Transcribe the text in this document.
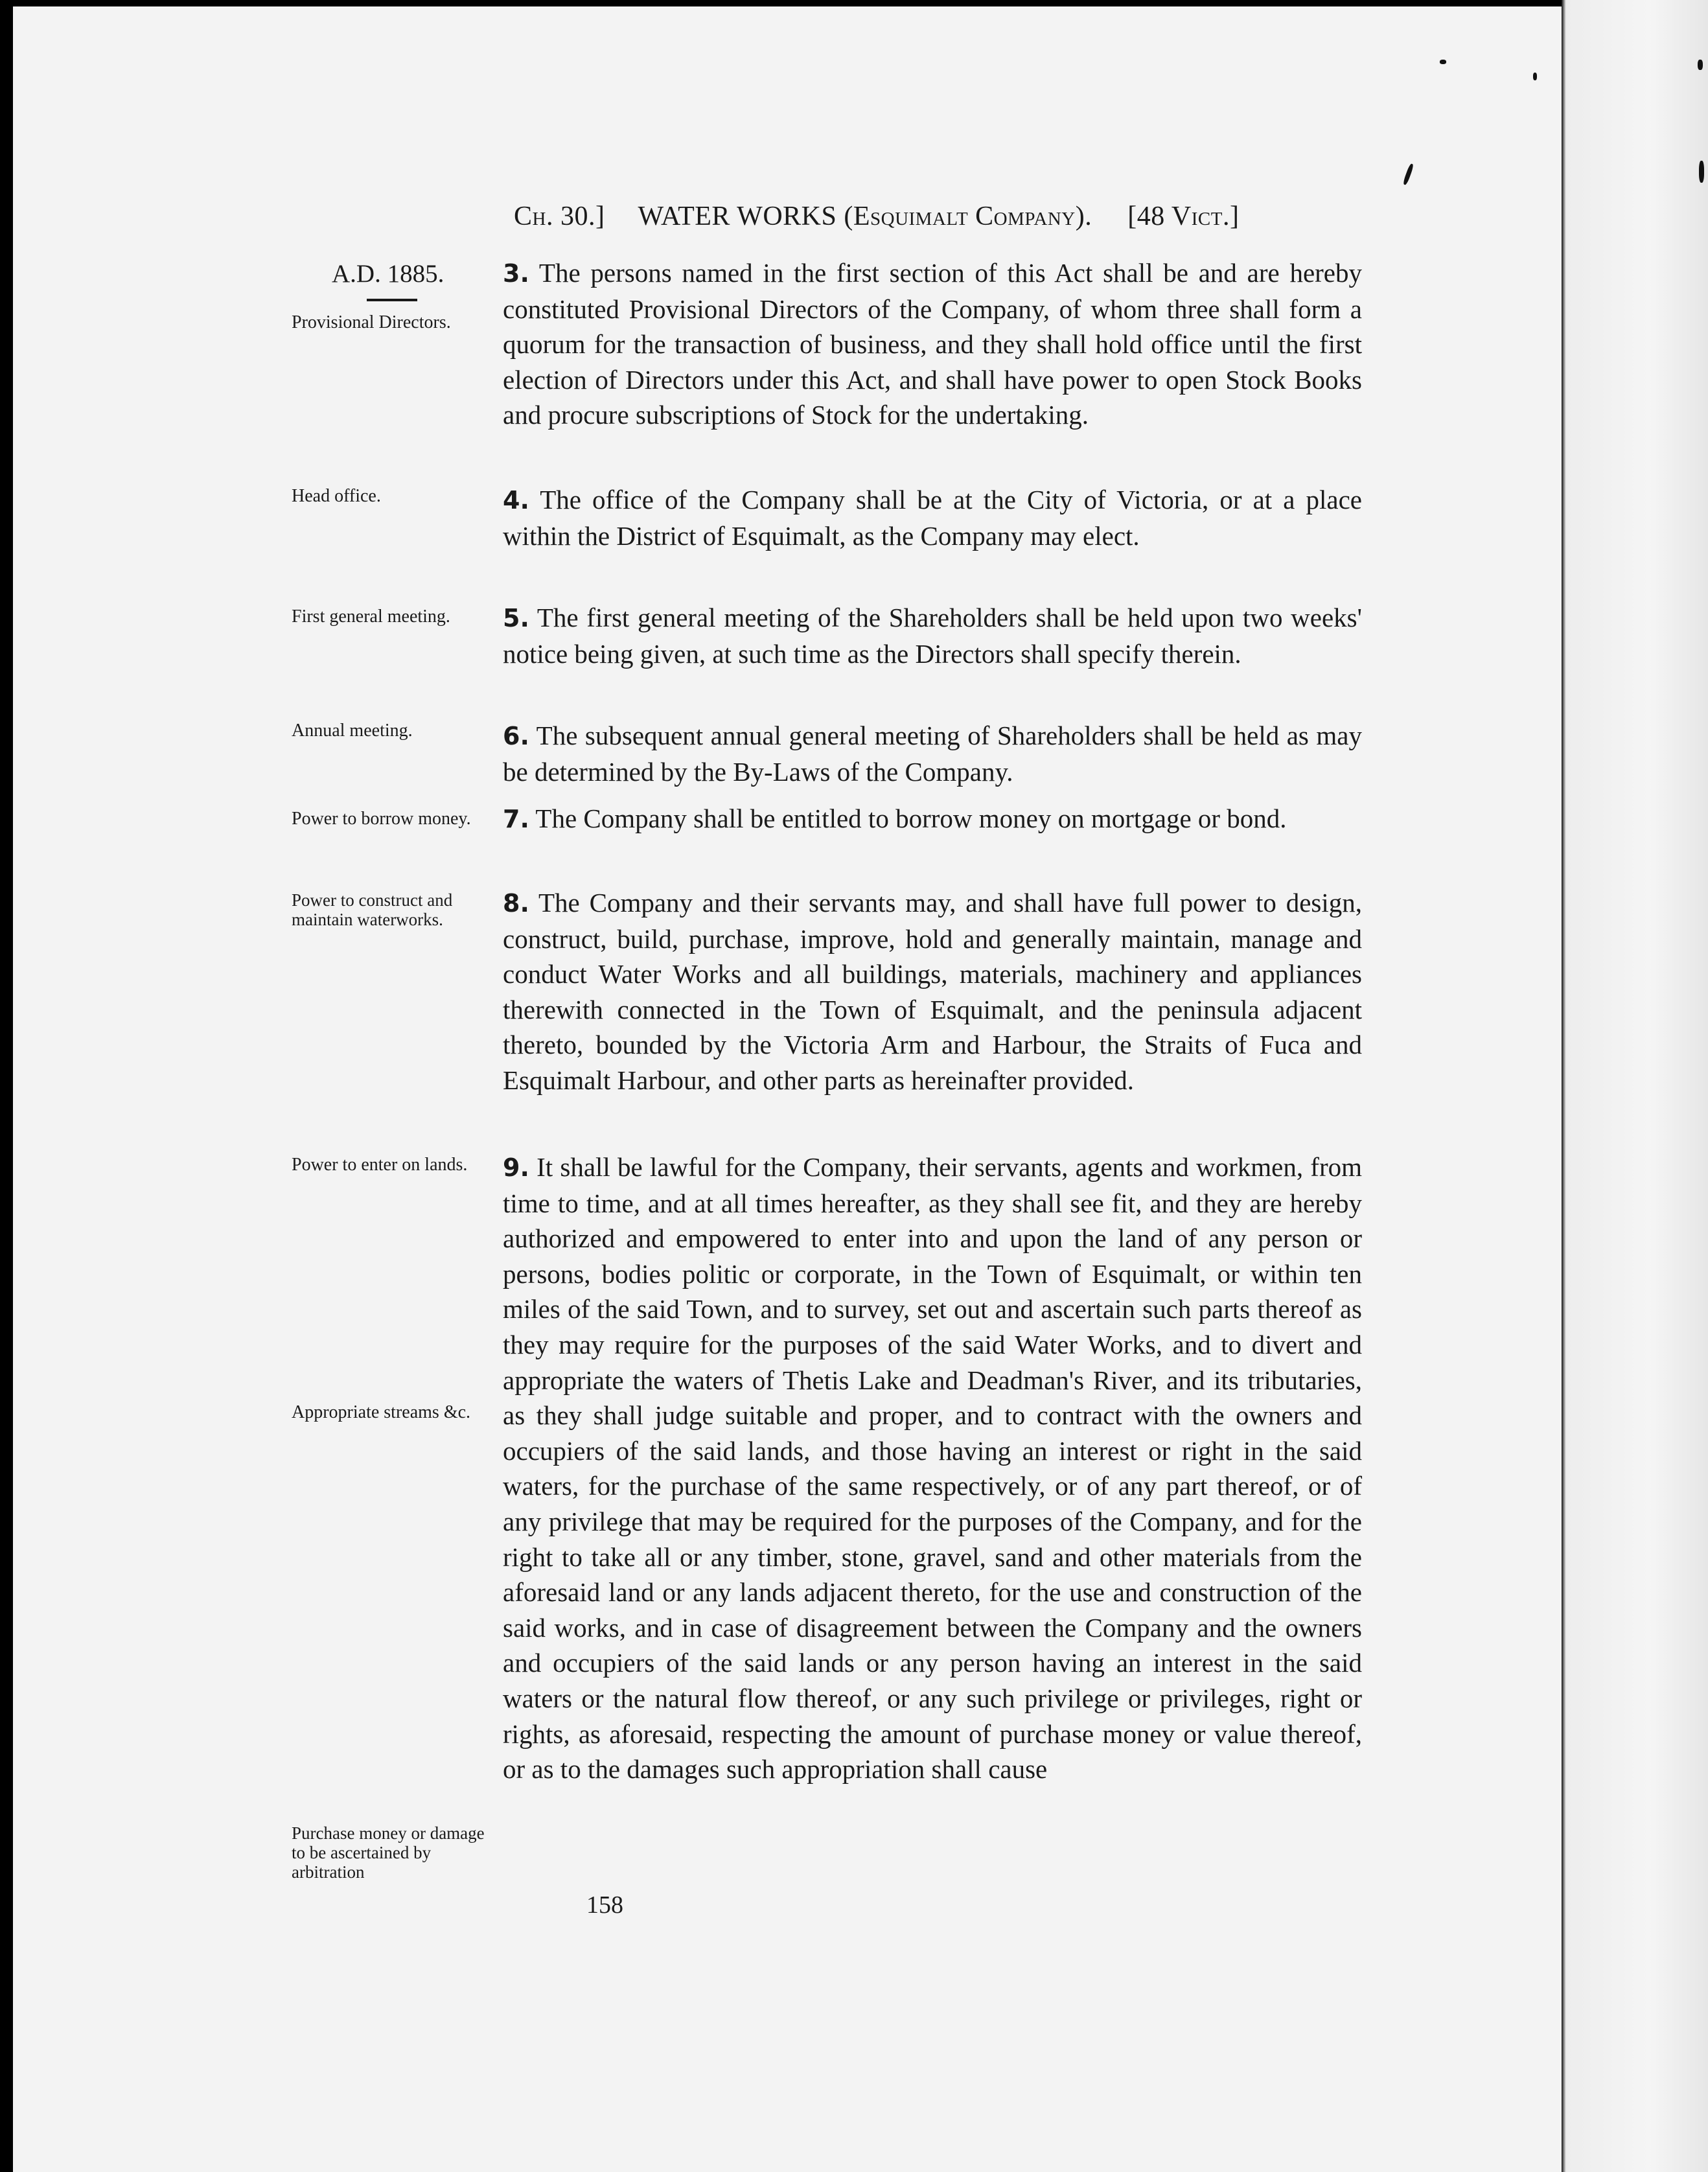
Ch. 30.] WATER WORKS (Esquimalt Company). [48 Vict.]
A.D. 1885.
Provisional Directors.
Head office.
First general meeting.
Annual meeting.
Power to borrow money.
Power to construct and maintain waterworks.
Power to enter on lands.
Appropriate streams &c.
Purchase money or damage to be ascertained by arbitration
3. The persons named in the first section of this Act shall be and are hereby constituted Provisional Directors of the Company, of whom three shall form a quorum for the transaction of business, and they shall hold office until the first election of Directors under this Act, and shall have power to open Stock Books and procure subscriptions of Stock for the undertaking.
4. The office of the Company shall be at the City of Victoria, or at a place within the District of Esquimalt, as the Company may elect.
5. The first general meeting of the Shareholders shall be held upon two weeks' notice being given, at such time as the Directors shall specify therein.
6. The subsequent annual general meeting of Shareholders shall be held as may be determined by the By-Laws of the Company.
7. The Company shall be entitled to borrow money on mortgage or bond.
8. The Company and their servants may, and shall have full power to design, construct, build, purchase, improve, hold and generally maintain, manage and conduct Water Works and all buildings, materials, machinery and appliances therewith connected in the Town of Esquimalt, and the peninsula adjacent thereto, bounded by the Victoria Arm and Harbour, the Straits of Fuca and Esquimalt Harbour, and other parts as hereinafter provided.
9. It shall be lawful for the Company, their servants, agents and workmen, from time to time, and at all times hereafter, as they shall see fit, and they are hereby authorized and empowered to enter into and upon the land of any person or persons, bodies politic or corporate, in the Town of Esquimalt, or within ten miles of the said Town, and to survey, set out and ascertain such parts thereof as they may require for the purposes of the said Water Works, and to divert and appropriate the waters of Thetis Lake and Deadman's River, and its tributaries, as they shall judge suitable and proper, and to contract with the owners and occupiers of the said lands, and those having an interest or right in the said waters, for the purchase of the same respectively, or of any part thereof, or of any privilege that may be required for the purposes of the Company, and for the right to take all or any timber, stone, gravel, sand and other materials from the aforesaid land or any lands adjacent thereto, for the use and construction of the said works, and in case of disagreement between the Company and the owners and occupiers of the said lands or any person having an interest in the said waters or the natural flow thereof, or any such privilege or privileges, right or rights, as aforesaid, respecting the amount of purchase money or value thereof, or as to the damages such appropriation shall cause
158
